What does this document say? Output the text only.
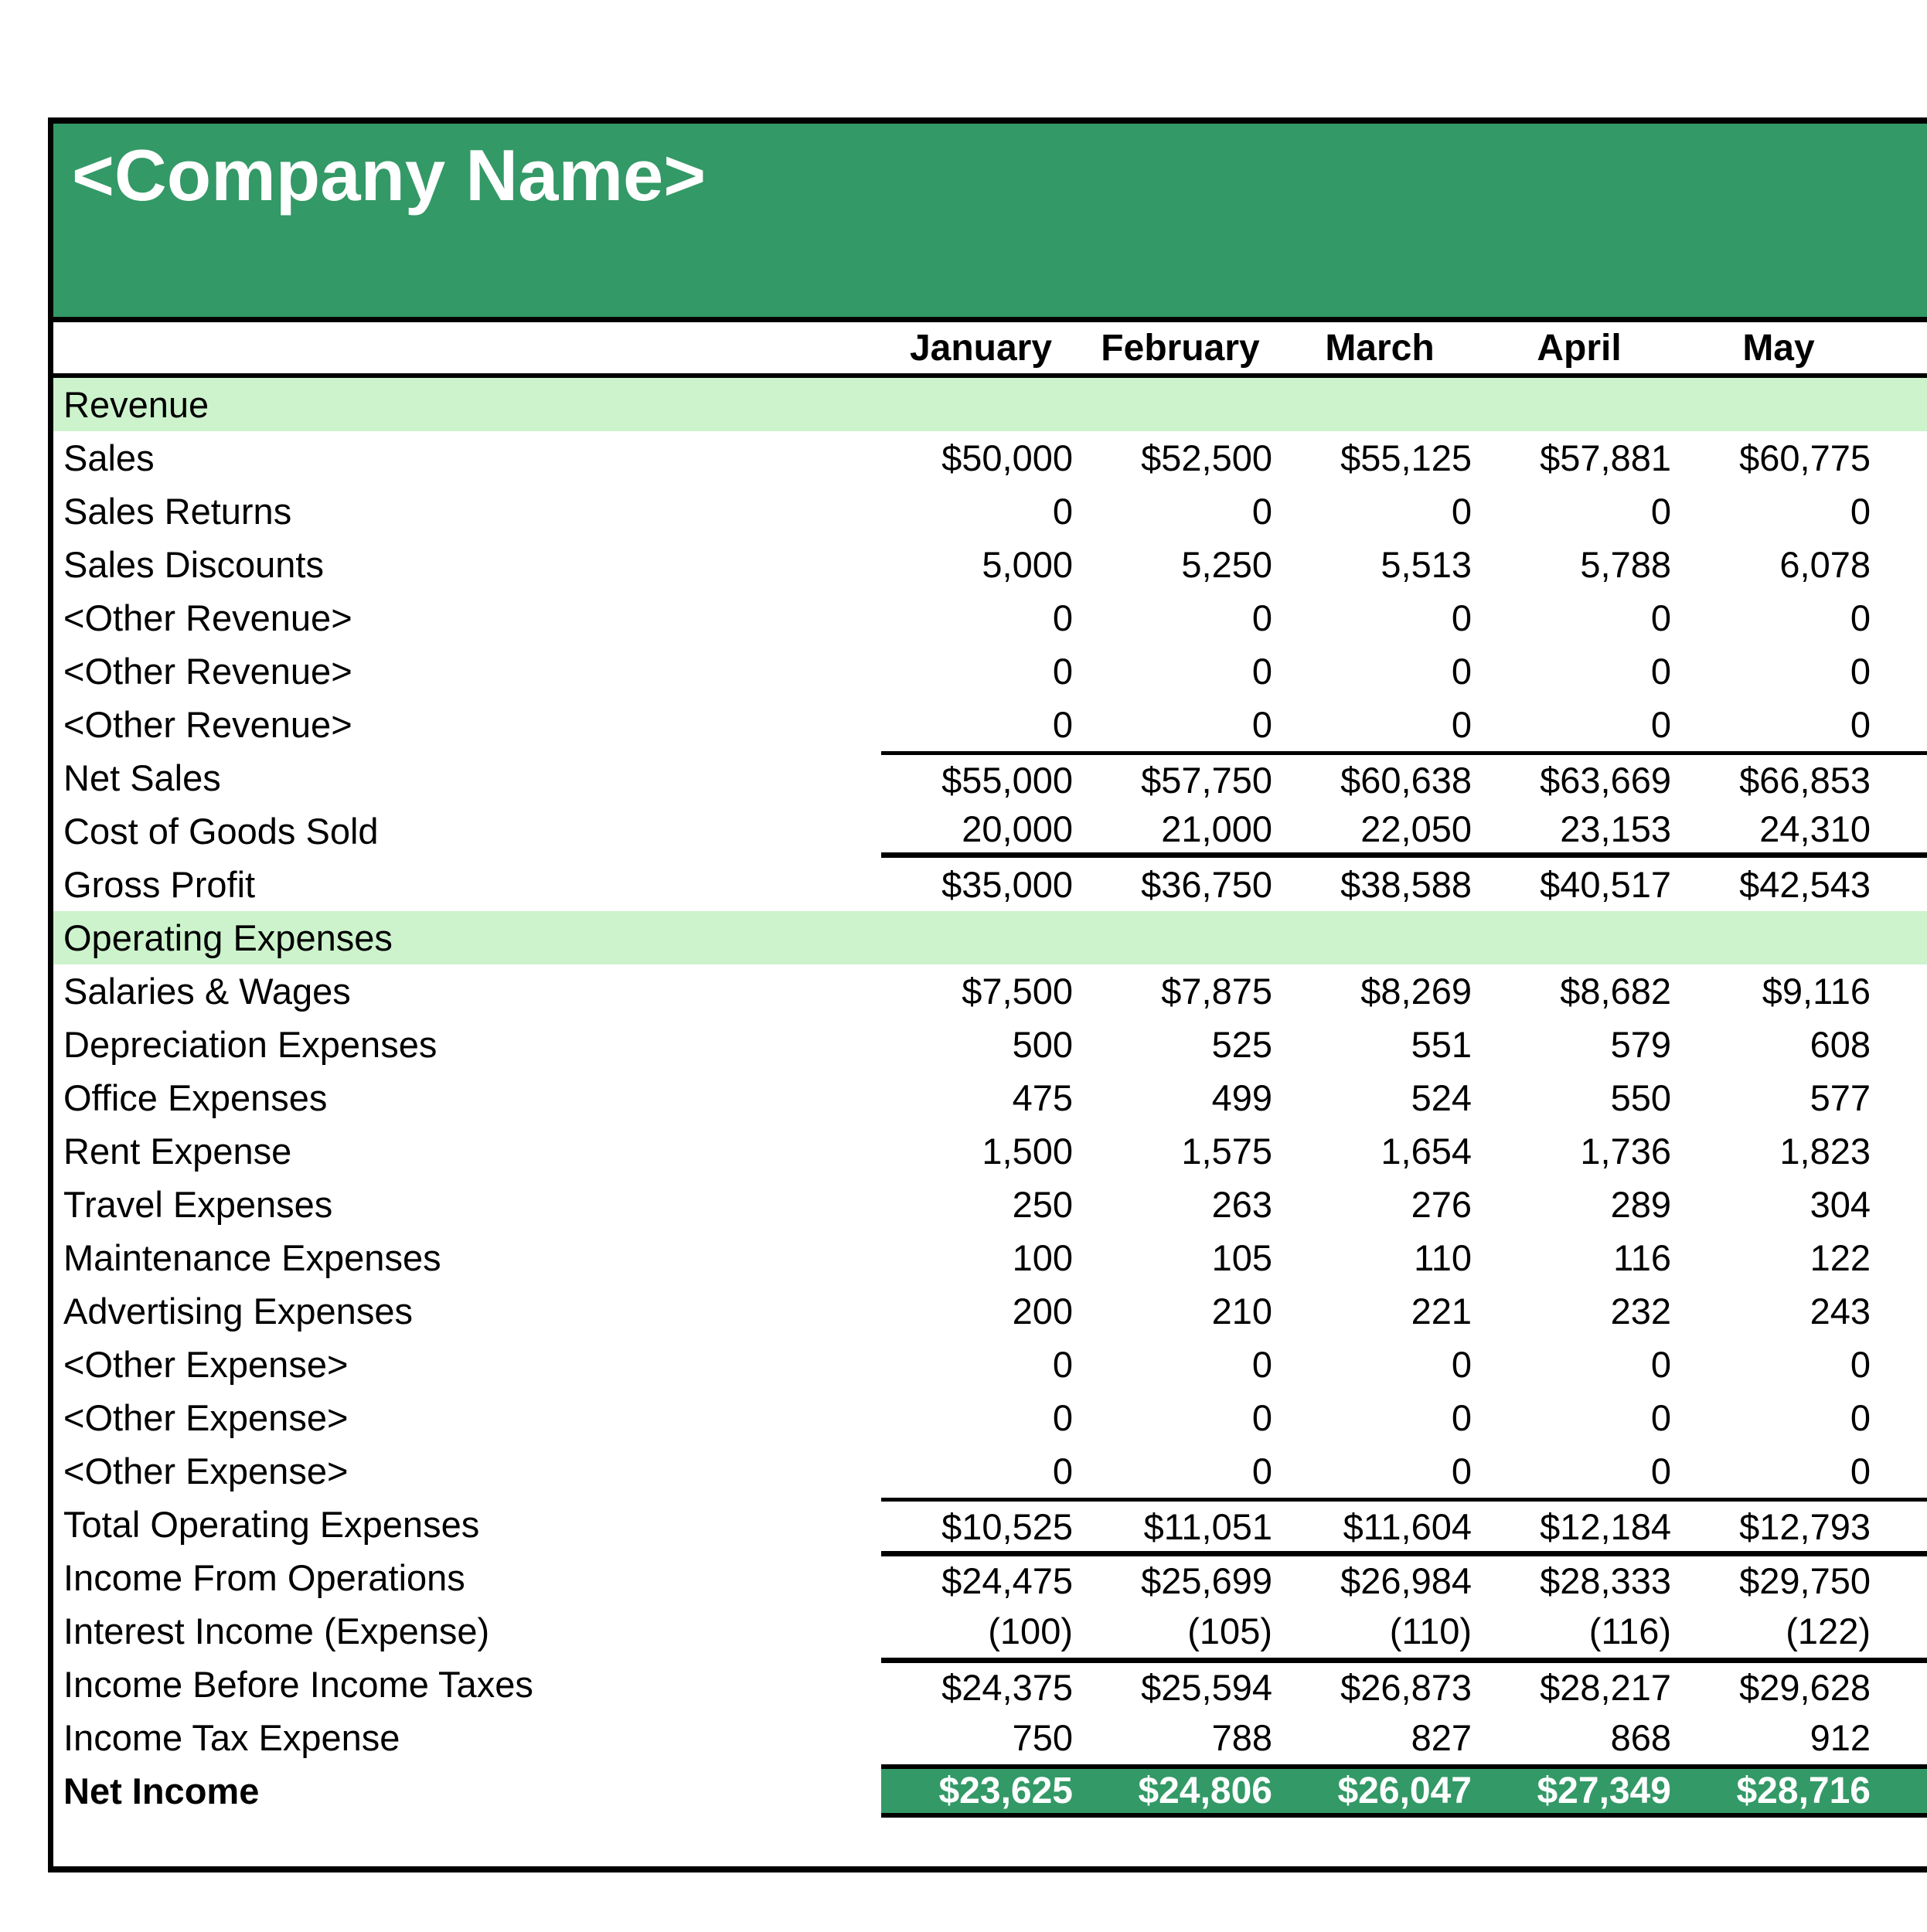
<Company Name>
January	February	March	April	May
Revenue
Sales	$50,000	$52,500	$55,125	$57,881	$60,775
Sales Returns	0	0	0	0	0
Sales Discounts	5,000	5,250	5,513	5,788	6,078
<Other Revenue>	0	0	0	0	0
<Other Revenue>	0	0	0	0	0
<Other Revenue>	0	0	0	0	0
Net Sales	$55,000	$57,750	$60,638	$63,669	$66,853
Cost of Goods Sold	20,000	21,000	22,050	23,153	24,310
Gross Profit	$35,000	$36,750	$38,588	$40,517	$42,543
Operating Expenses
Salaries & Wages	$7,500	$7,875	$8,269	$8,682	$9,116
Depreciation Expenses	500	525	551	579	608
Office Expenses	475	499	524	550	577
Rent Expense	1,500	1,575	1,654	1,736	1,823
Travel Expenses	250	263	276	289	304
Maintenance Expenses	100	105	110	116	122
Advertising Expenses	200	210	221	232	243
<Other Expense>	0	0	0	0	0
<Other Expense>	0	0	0	0	0
<Other Expense>	0	0	0	0	0
Total Operating Expenses	$10,525	$11,051	$11,604	$12,184	$12,793
Income From Operations	$24,475	$25,699	$26,984	$28,333	$29,750
Interest Income (Expense)	(100)	(105)	(110)	(116)	(122)
Income Before Income Taxes	$24,375	$25,594	$26,873	$28,217	$29,628
Income Tax Expense	750	788	827	868	912
Net Income	$23,625	$24,806	$26,047	$27,349	$28,716
